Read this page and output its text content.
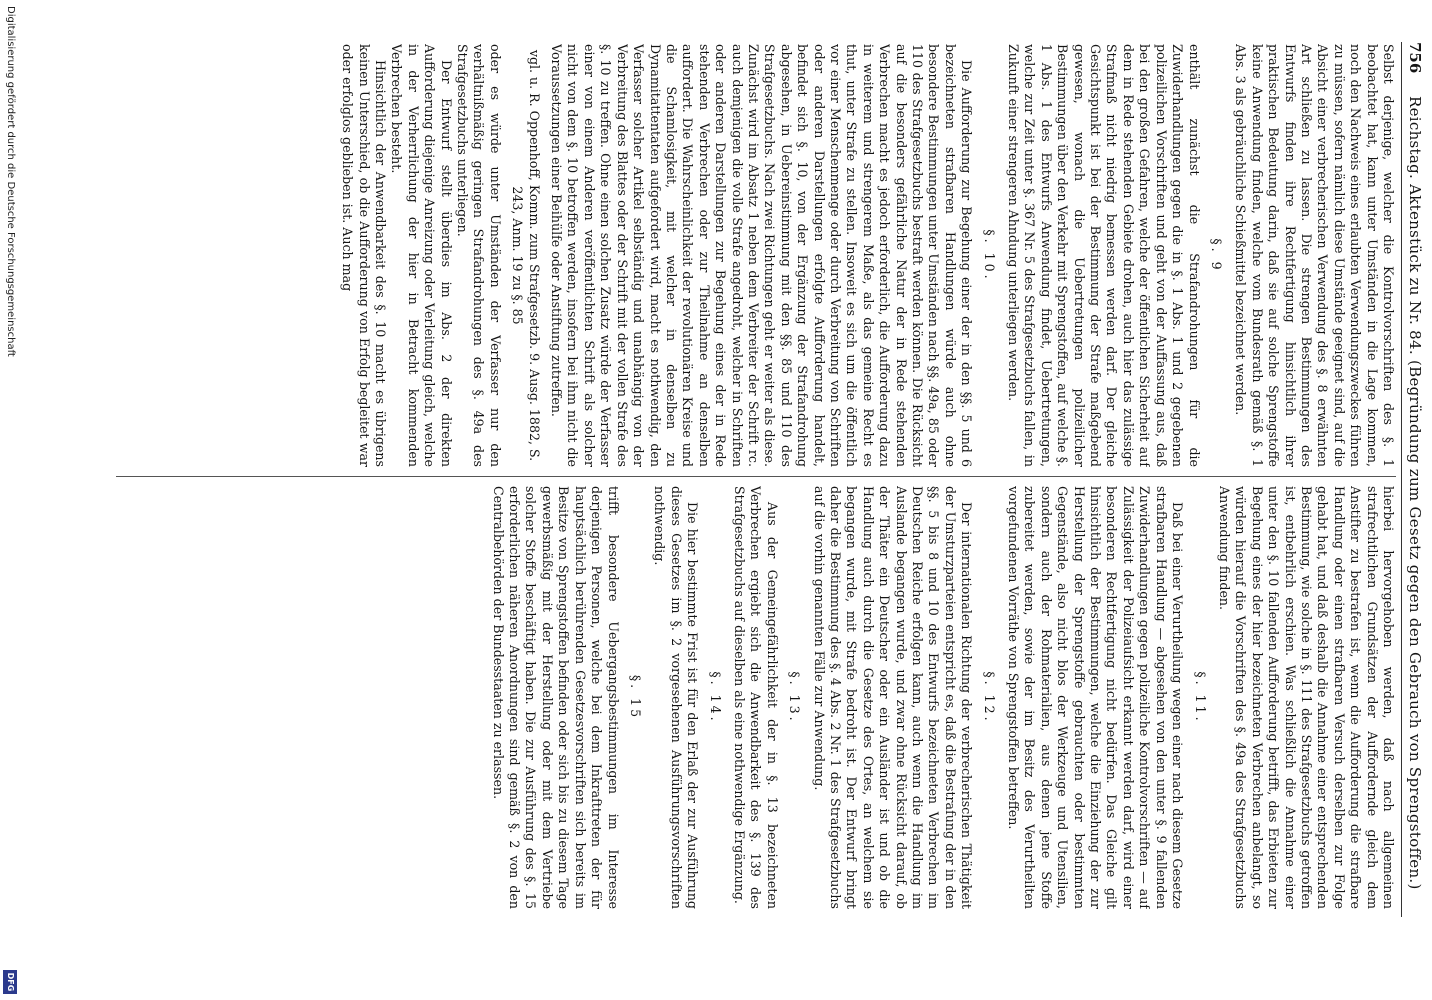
756
Reichstag. Aktenstück zu Nr. 84. (Begründung zum Gesetz gegen den Gebrauch von Sprengstoffen.)

Selbst derjenige, welcher die Kontrolvorschriften des §. 1 beobachtet hat, kann unter Umständen in die Lage kommen, noch den Nachweis eines erlaubten Verwendungszweckes führen zu müssen, sofern nämlich diese Umstände geeignet sind, auf die Absicht einer verbrecherischen Verwendung des §. 8 erwähnten Art schließen zu lassen. Die strengen Bestimmungen des Entwurfs finden ihre Rechtfertigung hinsichtlich ihrer praktischen Bedeutung darin, daß sie auf solche Sprengstoffe keine Anwendung finden, welche vom Bundesrath gemäß §. 1 Abs. 3 als gebräuchliche Schießmittel bezeichnet werden.

§. 9

enthält zunächst die Strafandrohungen für die Zuwiderhandlungen gegen die in §. 1 Abs. 1 und 2 gegebenen polizeilichen Vorschriften und geht von der Auffassung aus, daß bei den großen Gefahren, welche der öffentlichen Sicherheit auf dem in Rede stehenden Gebiete drohen, auch hier das zulässige Strafmaß nicht niedrig bemessen werden darf. Der gleiche Gesichtspunkt ist bei der Bestimmung der Strafe maßgebend gewesen, wonach die Uebertretungen polizeilicher Bestimmungen über den Verkehr mit Sprengstoffen, auf welche §. 1 Abs. 1 des Entwurfs Anwendung findet, Uebertretungen, welche zur Zeit unter §. 367 Nr. 5 des Strafgesetzbuchs fallen, in Zukunft einer strengeren Ahndung unterliegen werden.

§. 10.

Die Aufforderung zur Begehung einer der in den §§. 5 und 6 bezeichneten strafbaren Handlungen würde auch ohne besondere Bestimmungen unter Umständen nach §§. 49a, 85 oder 110 des Strafgesetzbuchs bestraft werden können. Die Rücksicht auf die besonders gefährliche Natur der in Rede stehenden Verbrechen macht es jedoch erforderlich, die Aufforderung dazu in weiterem und strengerem Maße, als das gemeine Recht es thut, unter Strafe zu stellen. Insoweit es sich um die öffentlich vor einer Menschenmenge oder durch Verbreitung von Schriften oder anderen Darstellungen erfolgte Aufforderung handelt, befindet sich §. 10, von der Ergänzung der Strafandrohung abgesehen, in Uebereinstimmung mit den §§. 85 und 110 des Strafgesetzbuchs. Nach zwei Richtungen geht er weiter als diese. Zunächst wird im Absatz 1 neben dem Verbreiter der Schrift rc. auch demjenigen die volle Strafe angedroht, welcher in Schriften oder anderen Darstellungen zur Begehung eines der in Rede stehenden Verbrechen oder zur Theilnahme an denselben auffordert. Die Wahrscheinlichkeit der revolutionären Kreise und die Schamlosigkeit, mit welcher in denselben zu Dynamitattentaten aufgefordert wird, macht es nothwendig, den Verfasser solcher Artikel selbständig und unabhängig von der Verbreitung des Blattes oder der Schrift mit der vollen Strafe des §. 10 zu treffen. Ohne einen solchen Zusatz würde der Verfasser einer von einem Anderen veröffentlichten Schrift als solcher nicht von dem §. 10 betroffen werden, insofern bei ihm nicht die Voraussetzungen einer Beihülfe oder Anstiftung zutreffen.

vgl. u. R. Oppenhoff, Komm. zum Strafgesetzb. 9. Ausg. 1882, S. 243, Anm. 19 zu §. 85

oder es würde unter Umständen der Verfasser nur den verhältnißmäßig geringen Strafandrohungen des §. 49a des Strafgesetzbuchs unterliegen.

Der Entwurf stellt überdies im Abs. 2 der direkten Aufforderung diejenige Anreizung oder Verleitung gleich, welche in der Verherrlichung der hier in Betracht kommenden Verbrechen besteht.

Hinsichtlich der Anwendbarkeit des §. 10 macht es übrigens keinen Unterschied, ob die Aufforderung von Erfolg begleitet war oder erfolglos geblieben ist. Auch mag

hierbei hervorgehoben werden, daß nach allgemeinen strafrechtlichen Grundsätzen der Auffordernde gleich dem Anstifter zu bestrafen ist, wenn die Aufforderung die strafbare Handlung oder einen strafbaren Versuch derselben zur Folge gehabt hat, und daß deshalb die Annahme einer entsprechenden Bestimmung, wie solche in §. 111 des Strafgesetzbuchs getroffen ist, entbehrlich erschien. Was schließlich die Annahme einer unter den §. 10 fallenden Aufforderung betrifft, das Erbieten zur Begehung eines der hier bezeichneten Verbrechen anbelangt, so würden hierauf die Vorschriften des §. 49a des Strafgesetzbuchs Anwendung finden.

§. 11.

Daß bei einer Verurtheilung wegen einer nach diesem Gesetze strafbaren Handlung — abgesehen von den unter §. 9 fallenden Zuwiderhandlungen gegen polizeiliche Kontrolvorschriften — auf Zulässigkeit der Polizeiaufsicht erkannt werden darf, wird einer besonderen Rechtfertigung nicht bedürfen. Das Gleiche gilt hinsichtlich der Bestimmungen, welche die Einziehung der zur Herstellung der Sprengstoffe gebrauchten oder bestimmten Gegenstände, also nicht blos der Werkzeuge und Utensilien, sondern auch der Rohmaterialien, aus denen jene Stoffe zubereitet werden, sowie der im Besitz des Verurtheilten vorgefundenen Vorräthe von Sprengstoffen betreffen.

§. 12.

Der internationalen Richtung der verbrecherischen Thätigkeit der Umsturzparteien entspricht es, daß die Bestrafung der in den §§. 5 bis 8 und 10 des Entwurfs bezeichneten Verbrechen im Deutschen Reiche erfolgen kann, auch wenn die Handlung im Auslande begangen wurde, und zwar ohne Rücksicht darauf, ob der Thäter ein Deutscher oder ein Ausländer ist und ob die Handlung auch durch die Gesetze des Ortes, an welchem sie begangen wurde, mit Strafe bedroht ist. Der Entwurf bringt daher die Bestimmung des §. 4 Abs. 2 Nr. 1 des Strafgesetzbuchs auf die vorhin genannten Fälle zur Anwendung.

§. 13.

Aus der Gemeingefährlichkeit der in §. 13 bezeichneten Verbrechen ergiebt sich die Anwendbarkeit des §. 139 des Strafgesetzbuchs auf dieselben als eine nothwendige Ergänzung.

§. 14.

Die hier bestimmte Frist ist für den Erlaß der zur Ausführung dieses Gesetzes im §. 2 vorgesehenen Ausführungsvorschriften nothwendig.

§. 15

trifft besondere Uebergangsbestimmungen im Interesse derjenigen Personen, welche bei dem Inkrafttreten der für hauptsächlich berührenden Gesetzesvorschriften sich bereits im Besitze von Sprengstoffen befinden oder sich bis zu diesem Tage gewerbsmäßig mit der Herstellung oder mit dem Vertriebe solcher Stoffe beschäftigt haben. Die zur Ausführung des §. 15 erforderlichen näheren Anordnungen sind gemäß §. 2 von den Centralbehörden der Bundesstaaten zu erlassen.

Digitalisierung gefördert durch die Deutsche Forschungsgemeinschaft
DFG
